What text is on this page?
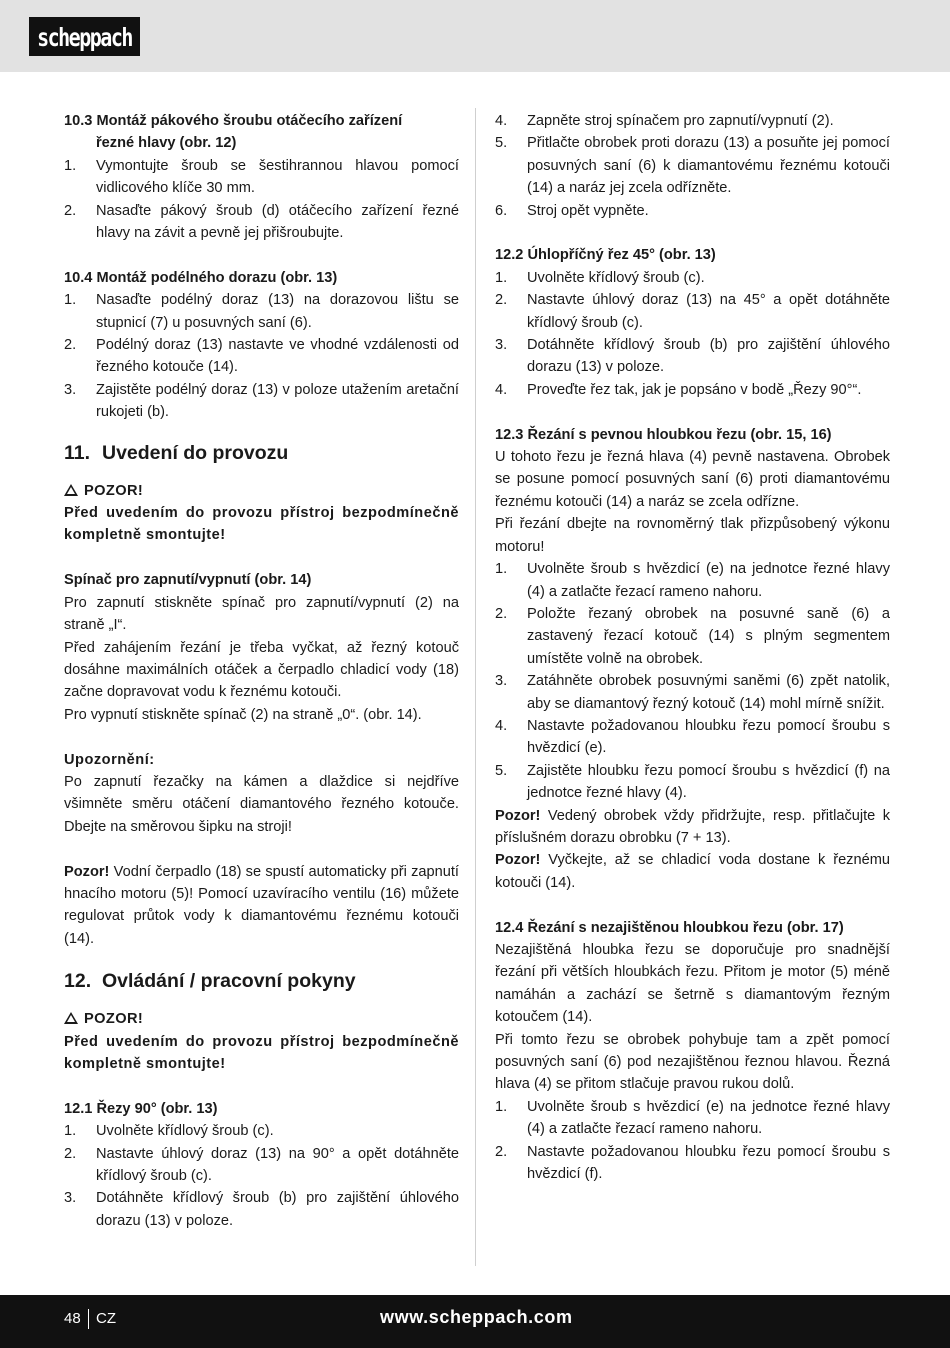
scheppach
10.3 Montáž pákového šroubu otáčecího zařízení
řezné hlavy (obr. 12)
1.	Vymontujte šroub se šestihrannou hlavou pomocí vidlicového klíče 30 mm.
2.	Nasaďte pákový šroub (d) otáčecího zařízení řezné hlavy na závit a pevně jej přišroubujte.
10.4 Montáž podélného dorazu (obr. 13)
1.	Nasaďte podélný doraz (13) na dorazovou lištu se stupnicí (7) u posuvných saní (6).
2.	Podélný doraz (13) nastavte ve vhodné vzdálenosti od řezného kotouče (14).
3.	Zajistěte podélný doraz (13) v poloze utažením aretační rukojeti (b).
11. Uvedení do provozu
POZOR!
Před uvedením do provozu přístroj bezpodmínečně kompletně smontujte!
Spínač pro zapnutí/vypnutí (obr. 14)
Pro zapnutí stiskněte spínač pro zapnutí/vypnutí (2) na straně „I“.
Před zahájením řezání je třeba vyčkat, až řezný kotouč dosáhne maximálních otáček a čerpadlo chladicí vody (18) začne dopravovat vodu k řeznému kotouči.
Pro vypnutí stiskněte spínač (2) na straně „0“. (obr. 14).
Upozornění:
Po zapnutí řezačky na kámen a dlaždice si nejdříve všimněte směru otáčení diamantového řezného kotouče. Dbejte na směrovou šipku na stroji!
Pozor! Vodní čerpadlo (18) se spustí automaticky při zapnutí hnacího motoru (5)! Pomocí uzavíracího ventilu (16) můžete regulovat průtok vody k diamantovému řeznému kotouči (14).
12. Ovládání / pracovní pokyny
POZOR!
Před uvedením do provozu přístroj bezpodmínečně kompletně smontujte!
12.1 Řezy 90° (obr. 13)
1.	Uvolněte křídlový šroub (c).
2.	Nastavte úhlový doraz (13) na 90° a opět dotáhněte křídlový šroub (c).
3.	Dotáhněte křídlový šroub (b) pro zajištění úhlového dorazu (13) v poloze.
4.	Zapněte stroj spínačem pro zapnutí/vypnutí (2).
5.	Přitlačte obrobek proti dorazu (13) a posuňte jej pomocí posuvných saní (6) k diamantovému řeznému kotouči (14) a naráz jej zcela odřízněte.
6.	Stroj opět vypněte.
12.2 Úhlopříčný řez 45° (obr. 13)
1.	Uvolněte křídlový šroub (c).
2.	Nastavte úhlový doraz (13) na 45° a opět dotáhněte křídlový šroub (c).
3.	Dotáhněte křídlový šroub (b) pro zajištění úhlového dorazu (13) v poloze.
4.	Proveďte řez tak, jak je popsáno v bodě „Řezy 90°“.
12.3 Řezání s pevnou hloubkou řezu (obr. 15, 16)
U tohoto řezu je řezná hlava (4) pevně nastavena. Obrobek se posune pomocí posuvných saní (6) proti diamantovému řeznému kotouči (14) a naráz se zcela odřízne.
Při řezání dbejte na rovnoměrný tlak přizpůsobený výkonu motoru!
1.	Uvolněte šroub s hvězdicí (e) na jednotce řezné hlavy (4) a zatlačte řezací rameno nahoru.
2.	Položte řezaný obrobek na posuvné saně (6) a zastavený řezací kotouč (14) s plným segmentem umístěte volně na obrobek.
3.	Zatáhněte obrobek posuvnými saněmi (6) zpět natolik, aby se diamantový řezný kotouč (14) mohl mírně snížit.
4.	Nastavte požadovanou hloubku řezu pomocí šroubu s hvězdicí (e).
5.	Zajistěte hloubku řezu pomocí šroubu s hvězdicí (f) na jednotce řezné hlavy (4).
Pozor! Vedený obrobek vždy přidržujte, resp. přitlačujte k příslušném dorazu obrobku (7 + 13).
Pozor! Vyčkejte, až se chladicí voda dostane k řeznému kotouči (14).
12.4 Řezání s nezajištěnou hloubkou řezu (obr. 17)
Nezajištěná hloubka řezu se doporučuje pro snadnější řezání při větších hloubkách řezu. Přitom je motor (5) méně namáhán a zachází se šetrně s diamantovým řezným kotoučem (14).
Při tomto řezu se obrobek pohybuje tam a zpět pomocí posuvných saní (6) pod nezajištěnou řeznou hlavou. Řezná hlava (4) se přitom stlačuje pravou rukou dolů.
1.	Uvolněte šroub s hvězdicí (e) na jednotce řezné hlavy (4) a zatlačte řezací rameno nahoru.
2.	Nastavte požadovanou hloubku řezu pomocí šroubu s hvězdicí (f).
48 CZ	www.scheppach.com
